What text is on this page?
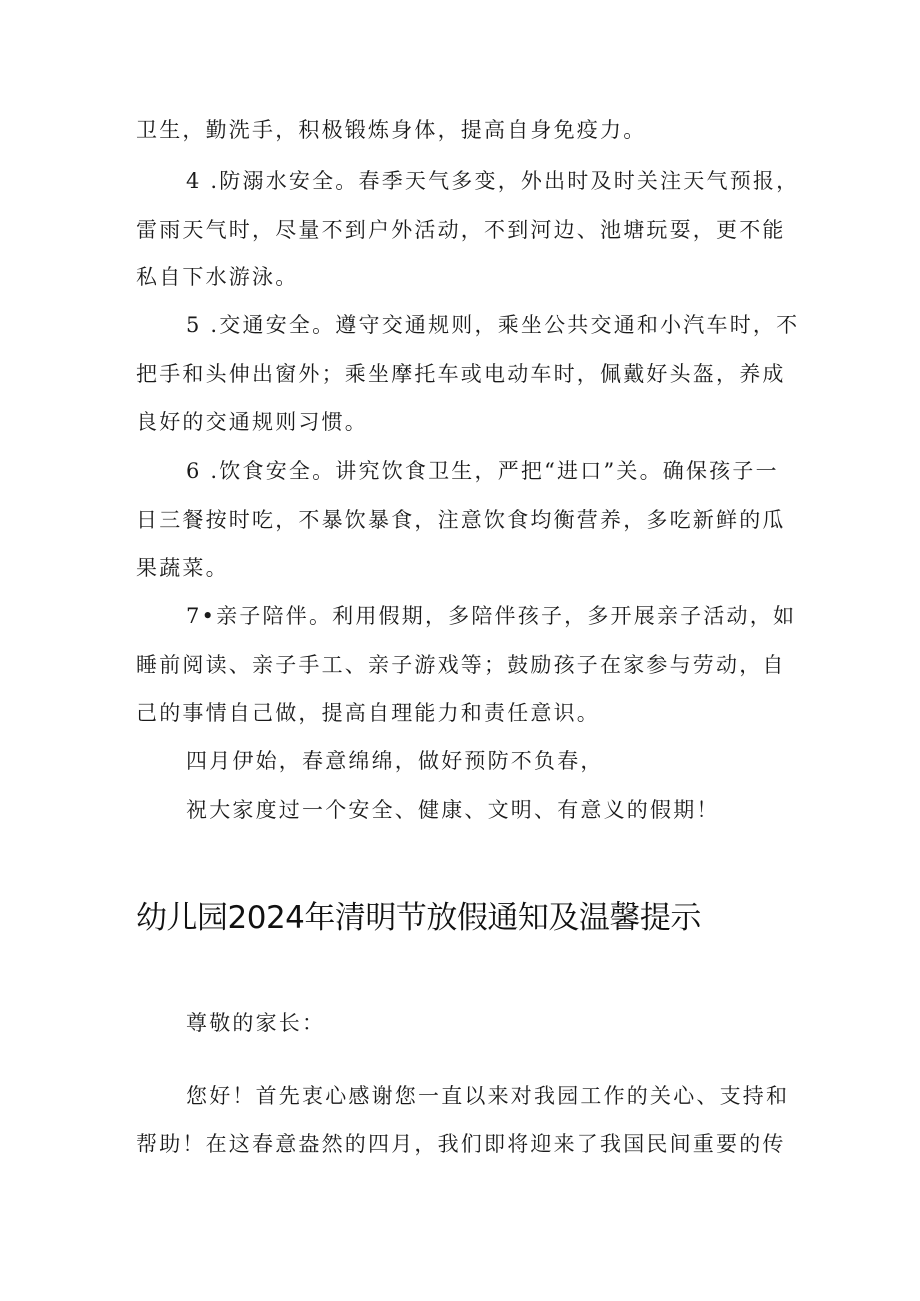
卫生，勤洗手，积极锻炼身体，提高自身免疫力。
4 .防溺水安全。春季天气多变，外出时及时关注天气预报，
雷雨天气时，尽量不到户外活动，不到河边、池塘玩耍，更不能
私自下水游泳。
5 .交通安全。遵守交通规则，乘坐公共交通和小汽车时，不
把手和头伸出窗外；乘坐摩托车或电动车时，佩戴好头盔，养成
良好的交通规则习惯。
6 .饮食安全。讲究饮食卫生，严把“进口”关。确保孩子一
日三餐按时吃，不暴饮暴食，注意饮食均衡营养，多吃新鲜的瓜
果蔬菜。
7•亲子陪伴。利用假期，多陪伴孩子，多开展亲子活动，如
睡前阅读、亲子手工、亲子游戏等；鼓励孩子在家参与劳动，自
己的事情自己做，提高自理能力和责任意识。
四月伊始，春意绵绵，做好预防不负春，
祝大家度过一个安全、健康、文明、有意义的假期！
幼儿园2024年清明节放假通知及温馨提示
尊敬的家长：
您好！首先衷心感谢您一直以来对我园工作的关心、支持和
帮助！在这春意盎然的四月，我们即将迎来了我国民间重要的传
